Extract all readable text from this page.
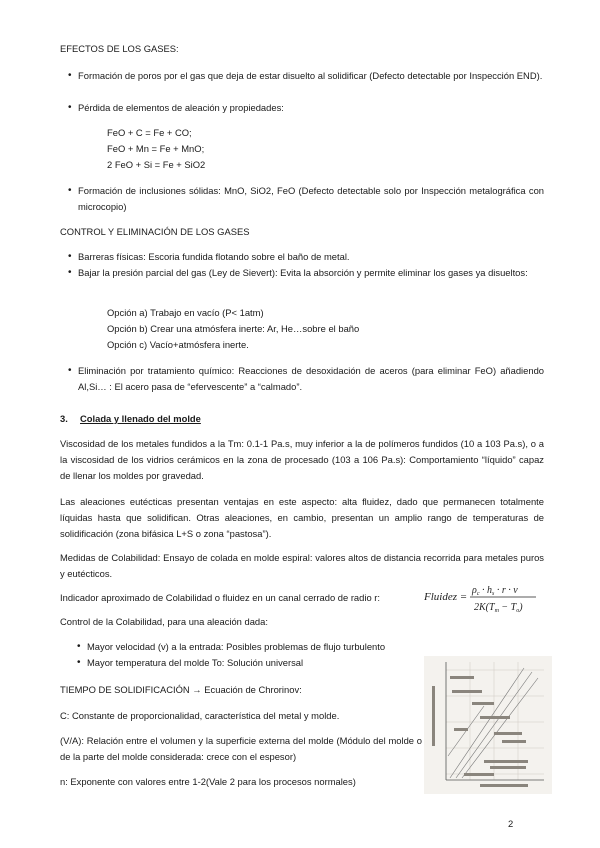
EFECTOS DE LOS GASES:

• Formación de poros por el gas que deja de estar disuelto al solidificar (Defecto detectable por Inspección END).

• Pérdida de elementos de aleación y propiedades:

FeO + C = Fe + CO;

FeO + Mn = Fe + MnO;

2 FeO + Si = Fe + SiO2

• Formación de inclusiones sólidas: MnO, SiO2, FeO (Defecto detectable solo por Inspección metalográfica con microcopio)

CONTROL Y ELIMINACIÓN DE LOS GASES

• Barreras físicas: Escoria fundida flotando sobre el baño de metal.

• Bajar la presión parcial del gas (Ley de Sievert): Evita la absorción y permite eliminar los gases ya disueltos:

Opción a) Trabajo en vacío (P< 1atm)

Opción b) Crear una atmósfera inerte: Ar, He…sobre el baño

Opción c) Vacío+atmósfera inerte.

• Eliminación por tratamiento químico: Reacciones de desoxidación de aceros (para eliminar FeO) añadiendo Al,Si… : El acero pasa de “efervescente” a “calmado”.

3. Colada y llenado del molde

Viscosidad de los metales fundidos a la Tm: 0.1-1 Pa.s, muy inferior a la de polímeros fundidos (10 a 103 Pa.s), o a la viscosidad de los vidrios cerámicos en la zona de procesado (103 a 106 Pa.s): Comportamiento “líquido” capaz de llenar los moldes por gravedad.

Las aleaciones eutécticas presentan ventajas en este aspecto: alta fluidez, dado que permanecen totalmente líquidas hasta que solidifican. Otras aleaciones, en cambio, presentan un amplio rango de temperaturas de solidificación (zona bifásica L+S o zona “pastosa”).

Medidas de Colabilidad: Ensayo de colada en molde espiral: valores altos de distancia recorrida para metales puros y eutécticos.

Indicador aproximado de Colabilidad o fluidez en un canal cerrado de radio r:	Fluidez =
$\rho_c \cdot h_s \cdot r \cdot v$
$2K(T_m - T_o)$

Control de la Colabilidad, para una aleación dada:

• Mayor velocidad (v) a la entrada: Posibles problemas de flujo turbulento

• Mayor temperatura del molde To: Solución universal

TIEMPO DE SOLIDIFICACIÓN → Ecuación de Chrorinov:

C: Constante de proporcionalidad, característica del metal y molde.

(V/A): Relación entre el volumen y la superficie externa del molde (Módulo del molde o de la parte del molde considerada: crece con el espesor)

n: Exponente con valores entre 1-2(Vale 2 para los procesos normales)

2
